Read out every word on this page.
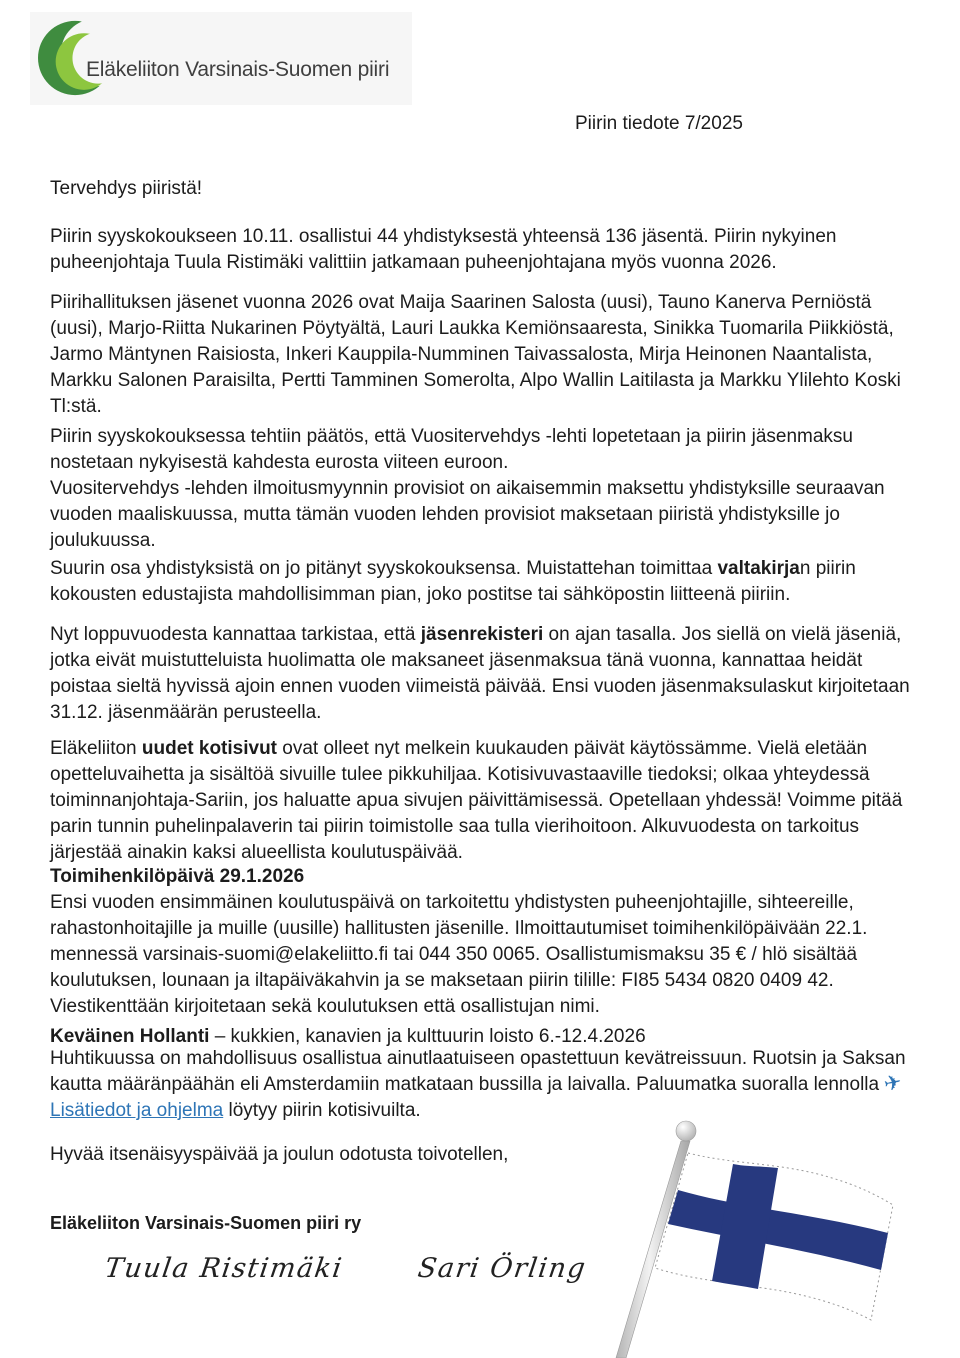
Eläkeliiton Varsinais-Suomen piiri
Piirin tiedote 7/2025
Tervehdys piiristä!
Piirin syyskokoukseen 10.11. osallistui 44 yhdistyksestä yhteensä 136 jäsentä. Piirin nykyinen puheenjohtaja Tuula Ristimäki valittiin jatkamaan puheenjohtajana myös vuonna 2026.
Piirihallituksen jäsenet vuonna 2026 ovat Maija Saarinen Salosta (uusi), Tauno Kanerva Perniöstä (uusi), Marjo-Riitta Nukarinen Pöytyältä, Lauri Laukka Kemiönsaaresta, Sinikka Tuomarila Piikkiöstä, Jarmo Mäntynen Raisiosta, Inkeri Kauppila-Numminen Taivassalosta, Mirja Heinonen Naantalista, Markku Salonen Paraisilta, Pertti Tamminen Somerolta, Alpo Wallin Laitilasta ja Markku Ylilehto Koski Tl:stä.

Piirin syyskokouksessa tehtiin päätös, että Vuositervehdys -lehti lopetetaan ja piirin jäsenmaksu nostetaan nykyisestä kahdesta eurosta viiteen euroon.

Vuositervehdys -lehden ilmoitusmyynnin provisiot on aikaisemmin maksettu yhdistyksille seuraavan vuoden maaliskuussa, mutta tämän vuoden lehden provisiot maksetaan piiristä yhdistyksille jo joulukuussa.

Suurin osa yhdistyksistä on jo pitänyt syyskokouksensa. Muistattehan toimittaa valtakirjan piirin kokousten edustajista mahdollisimman pian, joko postitse tai sähköpostin liitteenä piiriin.
Nyt loppuvuodesta kannattaa tarkistaa, että jäsenrekisteri on ajan tasalla. Jos siellä on vielä jäseniä, jotka eivät muistutteluista huolimatta ole maksaneet jäsenmaksua tänä vuonna, kannattaa heidät poistaa sieltä hyvissä ajoin ennen vuoden viimeistä päivää. Ensi vuoden jäsenmaksulaskut kirjoitetaan 31.12. jäsenmäärän perusteella.
Eläkeliiton uudet kotisivut ovat olleet nyt melkein kuukauden päivät käytössämme. Vielä eletään opetteluvaihetta ja sisältöä sivuille tulee pikkuhiljaa. Kotisivuvastaaville tiedoksi; olkaa yhteydessä toiminnanjohtaja-Sariin, jos haluatte apua sivujen päivittämisessä. Opetellaan yhdessä! Voimme pitää parin tunnin puhelinpalaverin tai piirin toimistolle saa tulla vierihoitoon. Alkuvuodesta on tarkoitus järjestää ainakin kaksi alueellista koulutuspäivää.
Toimihenkilöpäivä 29.1.2026
Ensi vuoden ensimmäinen koulutuspäivä on tarkoitettu yhdistysten puheenjohtajille, sihteereille, rahastonhoitajille ja muille (uusille) hallitusten jäsenille. Ilmoittautumiset toimihenkilöpäivään 22.1. mennessä varsinais-suomi@elakeliitto.fi tai 044 350 0065. Osallistumismaksu 35 € / hlö sisältää koulutuksen, lounaan ja iltapäiväkahvin ja se maksetaan piirin tilille: FI85 5434 0820 0409 42. Viestikenttään kirjoitetaan sekä koulutuksen että osallistujan nimi.
Keväinen Hollanti – kukkien, kanavien ja kulttuurin loisto 6.-12.4.2026
Huhtikuussa on mahdollisuus osallistua ainutlaatuiseen opastettuun kevätreissuun. Ruotsin ja Saksan kautta määränpäähän eli Amsterdamiin matkataan bussilla ja laivalla. Paluumatka suoralla lennolla ✈
Lisätiedot ja ohjelma löytyy piirin kotisivuilta.
Hyvää itsenäisyyspäivää ja joulun odotusta toivotellen,
Eläkeliiton Varsinais-Suomen piiri ry
Tuula Ristimäki	Sari Örling
